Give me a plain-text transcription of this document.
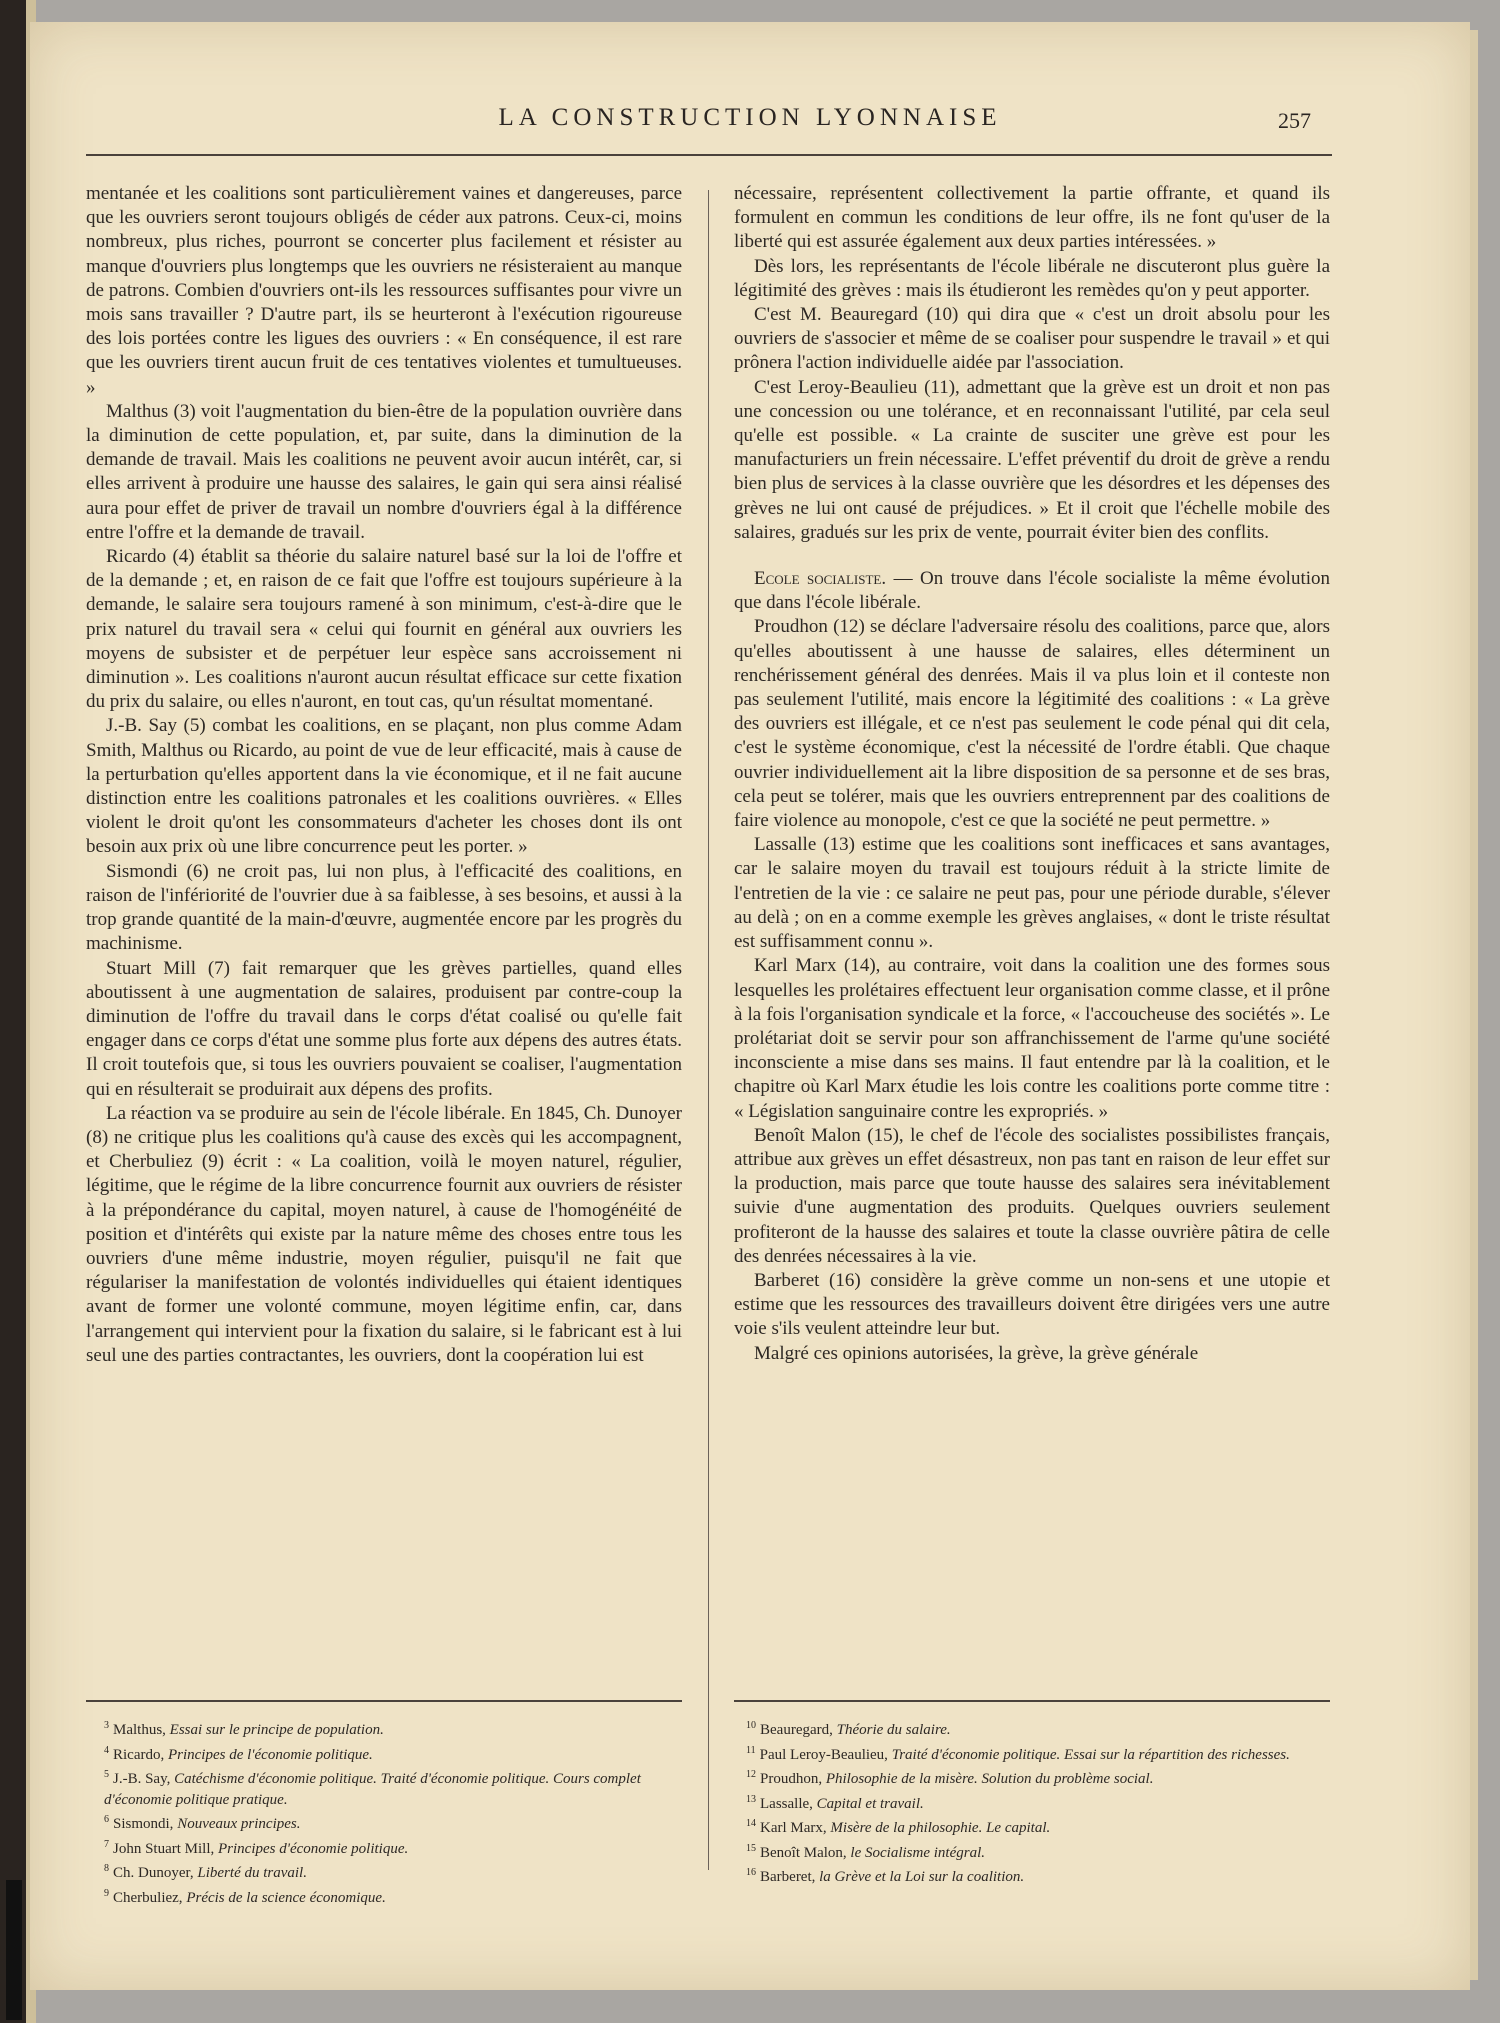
LA CONSTRUCTION LYONNAISE	257

mentanée et les coalitions sont particulièrement vaines et dangereuses, parce que les ouvriers seront toujours obligés de céder aux patrons. Ceux-ci, moins nombreux, plus riches, pourront se concerter plus facilement et résister au manque d'ouvriers plus longtemps que les ouvriers ne résisteraient au manque de patrons. Combien d'ouvriers ont-ils les ressources suffisantes pour vivre un mois sans travailler ? D'autre part, ils se heurteront à l'exécution rigoureuse des lois portées contre les ligues des ouvriers : « En conséquence, il est rare que les ouvriers tirent aucun fruit de ces tentatives violentes et tumultueuses. »

Malthus (3) voit l'augmentation du bien-être de la population ouvrière dans la diminution de cette population, et, par suite, dans la diminution de la demande de travail. Mais les coalitions ne peuvent avoir aucun intérêt, car, si elles arrivent à produire une hausse des salaires, le gain qui sera ainsi réalisé aura pour effet de priver de travail un nombre d'ouvriers égal à la différence entre l'offre et la demande de travail.

Ricardo (4) établit sa théorie du salaire naturel basé sur la loi de l'offre et de la demande ; et, en raison de ce fait que l'offre est toujours supérieure à la demande, le salaire sera toujours ramené à son minimum, c'est-à-dire que le prix naturel du travail sera « celui qui fournit en général aux ouvriers les moyens de subsister et de perpétuer leur espèce sans accroissement ni diminution ». Les coalitions n'auront aucun résultat efficace sur cette fixation du prix du salaire, ou elles n'auront, en tout cas, qu'un résultat momentané.

J.-B. Say (5) combat les coalitions, en se plaçant, non plus comme Adam Smith, Malthus ou Ricardo, au point de vue de leur efficacité, mais à cause de la perturbation qu'elles apportent dans la vie économique, et il ne fait aucune distinction entre les coalitions patronales et les coalitions ouvrières. « Elles violent le droit qu'ont les consommateurs d'acheter les choses dont ils ont besoin aux prix où une libre concurrence peut les porter. »

Sismondi (6) ne croit pas, lui non plus, à l'efficacité des coalitions, en raison de l'infériorité de l'ouvrier due à sa faiblesse, à ses besoins, et aussi à la trop grande quantité de la main-d'œuvre, augmentée encore par les progrès du machinisme.

Stuart Mill (7) fait remarquer que les grèves partielles, quand elles aboutissent à une augmentation de salaires, produisent par contre-coup la diminution de l'offre du travail dans le corps d'état coalisé ou qu'elle fait engager dans ce corps d'état une somme plus forte aux dépens des autres états. Il croit toutefois que, si tous les ouvriers pouvaient se coaliser, l'augmentation qui en résulterait se produirait aux dépens des profits.

La réaction va se produire au sein de l'école libérale. En 1845, Ch. Dunoyer (8) ne critique plus les coalitions qu'à cause des excès qui les accompagnent, et Cherbuliez (9) écrit : « La coalition, voilà le moyen naturel, régulier, légitime, que le régime de la libre concurrence fournit aux ouvriers de résister à la prépondérance du capital, moyen naturel, à cause de l'homogénéité de position et d'intérêts qui existe par la nature même des choses entre tous les ouvriers d'une même industrie, moyen régulier, puisqu'il ne fait que régulariser la manifestation de volontés individuelles qui étaient identiques avant de former une volonté commune, moyen légitime enfin, car, dans l'arrangement qui intervient pour la fixation du salaire, si le fabricant est à lui seul une des parties contractantes, les ouvriers, dont la coopération lui est

nécessaire, représentent collectivement la partie offrante, et quand ils formulent en commun les conditions de leur offre, ils ne font qu'user de la liberté qui est assurée également aux deux parties intéressées. »

Dès lors, les représentants de l'école libérale ne discuteront plus guère la légitimité des grèves : mais ils étudieront les remèdes qu'on y peut apporter.

C'est M. Beauregard (10) qui dira que « c'est un droit absolu pour les ouvriers de s'associer et même de se coaliser pour suspendre le travail » et qui prônera l'action individuelle aidée par l'association.

C'est Leroy-Beaulieu (11), admettant que la grève est un droit et non pas une concession ou une tolérance, et en reconnaissant l'utilité, par cela seul qu'elle est possible. « La crainte de susciter une grève est pour les manufacturiers un frein nécessaire. L'effet préventif du droit de grève a rendu bien plus de services à la classe ouvrière que les désordres et les dépenses des grèves ne lui ont causé de préjudices. » Et il croit que l'échelle mobile des salaires, gradués sur les prix de vente, pourrait éviter bien des conflits.

Ecole socialiste. — On trouve dans l'école socialiste la même évolution que dans l'école libérale.

Proudhon (12) se déclare l'adversaire résolu des coalitions, parce que, alors qu'elles aboutissent à une hausse de salaires, elles déterminent un renchérissement général des denrées. Mais il va plus loin et il conteste non pas seulement l'utilité, mais encore la légitimité des coalitions : « La grève des ouvriers est illégale, et ce n'est pas seulement le code pénal qui dit cela, c'est le système économique, c'est la nécessité de l'ordre établi. Que chaque ouvrier individuellement ait la libre disposition de sa personne et de ses bras, cela peut se tolérer, mais que les ouvriers entreprennent par des coalitions de faire violence au monopole, c'est ce que la société ne peut permettre. »

Lassalle (13) estime que les coalitions sont inefficaces et sans avantages, car le salaire moyen du travail est toujours réduit à la stricte limite de l'entretien de la vie : ce salaire ne peut pas, pour une période durable, s'élever au delà ; on en a comme exemple les grèves anglaises, « dont le triste résultat est suffisamment connu ».

Karl Marx (14), au contraire, voit dans la coalition une des formes sous lesquelles les prolétaires effectuent leur organisation comme classe, et il prône à la fois l'organisation syndicale et la force, « l'accoucheuse des sociétés ». Le prolétariat doit se servir pour son affranchissement de l'arme qu'une société inconsciente a mise dans ses mains. Il faut entendre par là la coalition, et le chapitre où Karl Marx étudie les lois contre les coalitions porte comme titre : « Législation sanguinaire contre les expropriés. »

Benoît Malon (15), le chef de l'école des socialistes possibilistes français, attribue aux grèves un effet désastreux, non pas tant en raison de leur effet sur la production, mais parce que toute hausse des salaires sera inévitablement suivie d'une augmentation des produits. Quelques ouvriers seulement profiteront de la hausse des salaires et toute la classe ouvrière pâtira de celle des denrées nécessaires à la vie.

Barberet (16) considère la grève comme un non-sens et une utopie et estime que les ressources des travailleurs doivent être dirigées vers une autre voie s'ils veulent atteindre leur but.

Malgré ces opinions autorisées, la grève, la grève générale

$^3$ Malthus, Essai sur le principe de population.
$^4$ Ricardo, Principes de l'économie politique.
$^5$ J.-B. Say, Catéchisme d'économie politique. Traité d'économie politique. Cours complet d'économie politique pratique.
$^6$ Sismondi, Nouveaux principes.
$^7$ John Stuart Mill, Principes d'économie politique.
$^8$ Ch. Dunoyer, Liberté du travail.
$^9$ Cherbuliez, Précis de la science économique.
$^{10}$ Beauregard, Théorie du salaire.
$^{11}$ Paul Leroy-Beaulieu, Traité d'économie politique. Essai sur la répartition des richesses.
$^{12}$ Proudhon, Philosophie de la misère. Solution du problème social.
$^{13}$ Lassalle, Capital et travail.
$^{14}$ Karl Marx, Misère de la philosophie. Le capital.
$^{15}$ Benoît Malon, le Socialisme intégral.
$^{16}$ Barberet, la Grève et la Loi sur la coalition.
